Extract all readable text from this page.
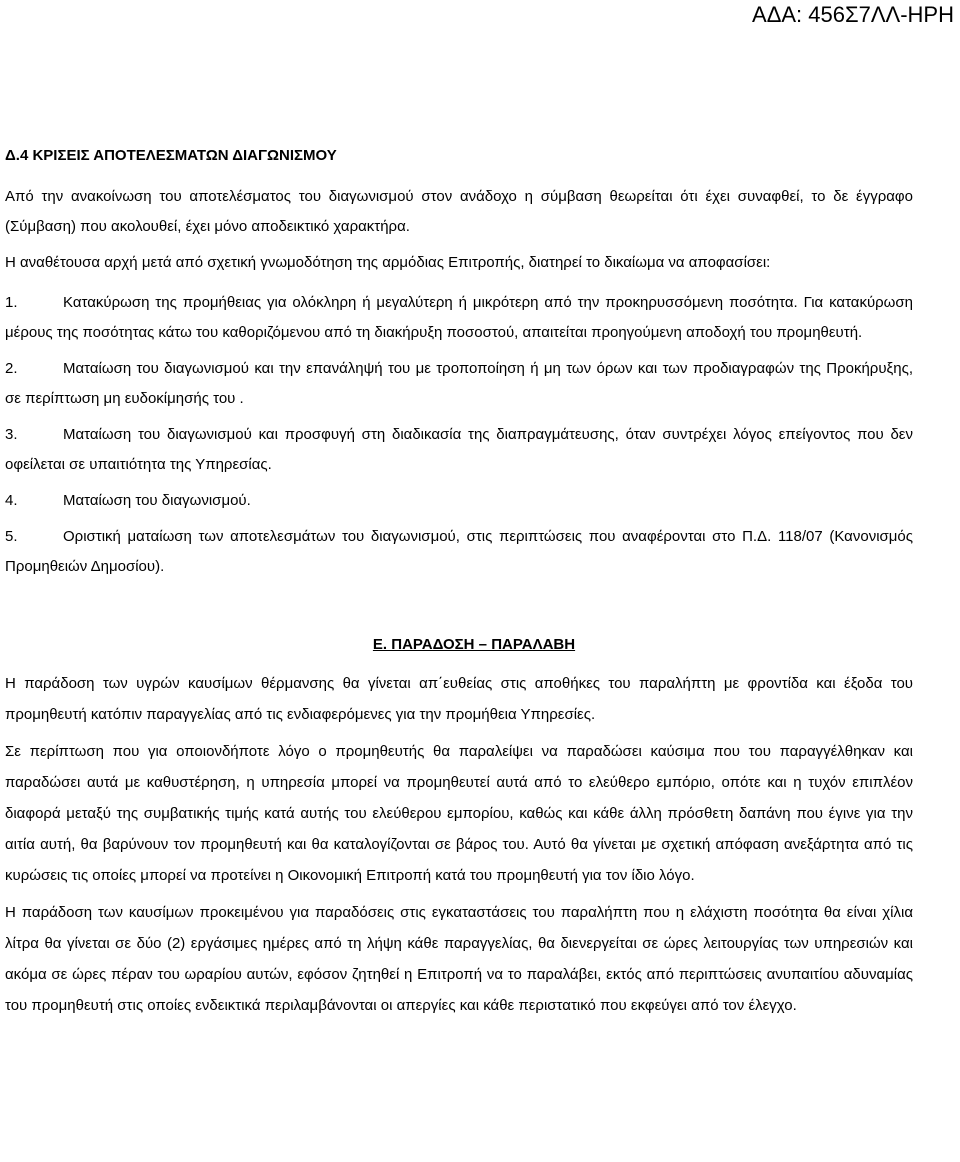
ΑΔΑ: 456Σ7ΛΛ-ΗΡΗ
Δ.4 ΚΡΙΣΕΙΣ ΑΠΟΤΕΛΕΣΜΑΤΩΝ ΔΙΑΓΩΝΙΣΜΟΥ
Από την ανακοίνωση του αποτελέσματος του διαγωνισμού στον ανάδοχο η σύμβαση θεωρείται ότι έχει συναφθεί, το δε έγγραφο (Σύμβαση) που ακολουθεί, έχει μόνο αποδεικτικό χαρακτήρα.
Η αναθέτουσα αρχή μετά από σχετική γνωμοδότηση της αρμόδιας Επιτροπής, διατηρεί το δικαίωμα να αποφασίσει:
1.	Κατακύρωση της προμήθειας για ολόκληρη ή μεγαλύτερη ή μικρότερη από την προκηρυσσόμενη ποσότητα. Για κατακύρωση μέρους της ποσότητας κάτω του καθοριζόμενου από τη διακήρυξη ποσοστού, απαιτείται προηγούμενη αποδοχή του προμηθευτή.
2.	Ματαίωση του διαγωνισμού και την επανάληψή του με τροποποίηση ή μη των όρων και των προδιαγραφών της Προκήρυξης, σε περίπτωση μη ευδοκίμησής του .
3.	Ματαίωση του διαγωνισμού και προσφυγή στη διαδικασία της διαπραγμάτευσης, όταν συντρέχει λόγος επείγοντος που δεν οφείλεται σε υπαιτιότητα της Υπηρεσίας.
4.	Ματαίωση του διαγωνισμού.
5.	Οριστική ματαίωση των αποτελεσμάτων του διαγωνισμού, στις περιπτώσεις που αναφέρονται στο Π.Δ. 118/07 (Κανονισμός Προμηθειών Δημοσίου).
Ε. ΠΑΡΑΔΟΣΗ – ΠΑΡΑΛΑΒΗ
Η παράδοση των υγρών καυσίμων θέρμανσης θα γίνεται απ΄ευθείας στις αποθήκες του παραλήπτη με φροντίδα και έξοδα του προμηθευτή κατόπιν παραγγελίας από τις ενδιαφερόμενες για την προμήθεια Υπηρεσίες.
Σε περίπτωση που για οποιονδήποτε λόγο ο προμηθευτής θα παραλείψει να παραδώσει καύσιμα που του παραγγέλθηκαν και παραδώσει αυτά με καθυστέρηση, η υπηρεσία μπορεί να προμηθευτεί αυτά από το ελεύθερο εμπόριο, οπότε και η τυχόν επιπλέον διαφορά μεταξύ της συμβατικής τιμής κατά αυτής του ελεύθερου εμπορίου, καθώς και κάθε άλλη πρόσθετη δαπάνη που έγινε για την αιτία αυτή, θα βαρύνουν τον προμηθευτή και θα καταλογίζονται σε βάρος του. Αυτό θα γίνεται με σχετική απόφαση ανεξάρτητα από τις κυρώσεις τις οποίες μπορεί να προτείνει η Οικονομική Επιτροπή κατά του προμηθευτή για τον ίδιο λόγο.
Η παράδοση των καυσίμων προκειμένου για παραδόσεις στις εγκαταστάσεις του παραλήπτη που η ελάχιστη ποσότητα θα είναι χίλια λίτρα θα γίνεται σε δύο (2) εργάσιμες ημέρες από τη λήψη κάθε παραγγελίας, θα διενεργείται σε ώρες λειτουργίας των υπηρεσιών και ακόμα σε ώρες πέραν του ωραρίου αυτών, εφόσον ζητηθεί η Επιτροπή να το παραλάβει, εκτός από περιπτώσεις ανυπαιτίου αδυναμίας του προμηθευτή στις οποίες ενδεικτικά περιλαμβάνονται οι απεργίες και κάθε περιστατικό που εκφεύγει από τον έλεγχο.
